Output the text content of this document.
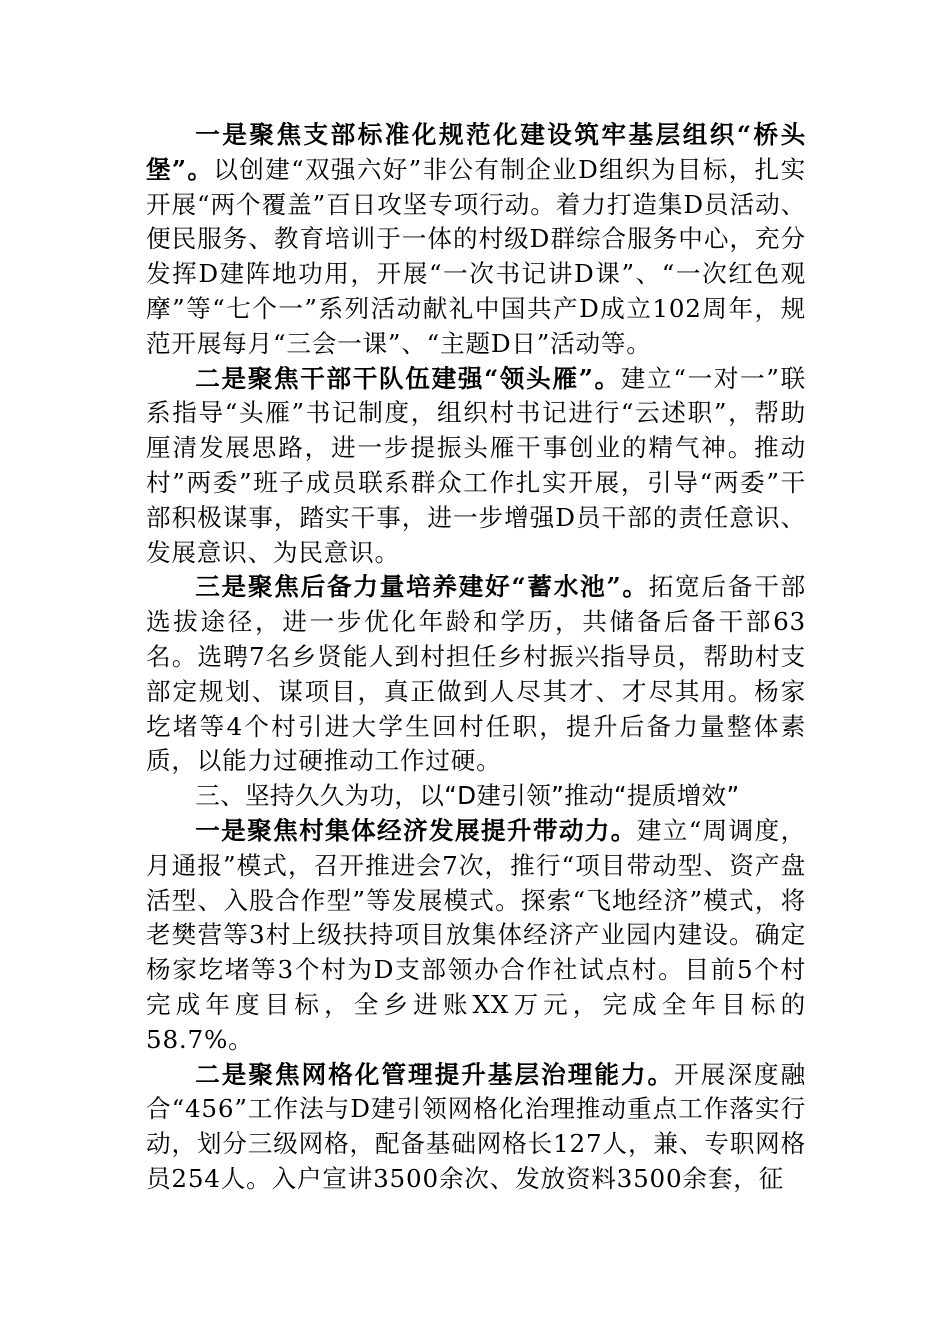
一是聚焦支部标准化规范化建设筑牢基层组织“桥头堡”。以创建“双强六好”非公有制企业D组织为目标，扎实开展“两个覆盖”百日攻坚专项行动。着力打造集D员活动、便民服务、教育培训于一体的村级D群综合服务中心，充分发挥D建阵地功用，开展“一次书记讲D课”、“一次红色观摩”等“七个一”系列活动献礼中国共产D成立102周年，规范开展每月“三会一课”、“主题D日”活动等。

二是聚焦干部干队伍建强“领头雁”。建立“一对一”联系指导“头雁”书记制度，组织村书记进行“云述职”，帮助厘清发展思路，进一步提振头雁干事创业的精气神。推动村”两委”班子成员联系群众工作扎实开展，引导“两委”干部积极谋事，踏实干事，进一步增强D员干部的责任意识、发展意识、为民意识。

三是聚焦后备力量培养建好“蓄水池”。拓宽后备干部选拔途径，进一步优化年龄和学历，共储备后备干部63名。选聘7名乡贤能人到村担任乡村振兴指导员，帮助村支部定规划、谋项目，真正做到人尽其才、才尽其用。杨家圪堵等4个村引进大学生回村任职，提升后备力量整体素质，以能力过硬推动工作过硬。

三、坚持久久为功，以“D建引领”推动“提质增效”

一是聚焦村集体经济发展提升带动力。建立“周调度，月通报”模式，召开推进会7次，推行“项目带动型、资产盘活型、入股合作型”等发展模式。探索“飞地经济”模式，将老樊营等3村上级扶持项目放集体经济产业园内建设。确定杨家圪堵等3个村为D支部领办合作社试点村。目前5个村完成年度目标，全乡进账XX万元，完成全年目标的58.7%。

二是聚焦网格化管理提升基层治理能力。开展深度融合“456”工作法与D建引领网格化治理推动重点工作落实行动，划分三级网格，配备基础网格长127人，兼、专职网格员254人。入户宣讲3500余次、发放资料3500余套，征
